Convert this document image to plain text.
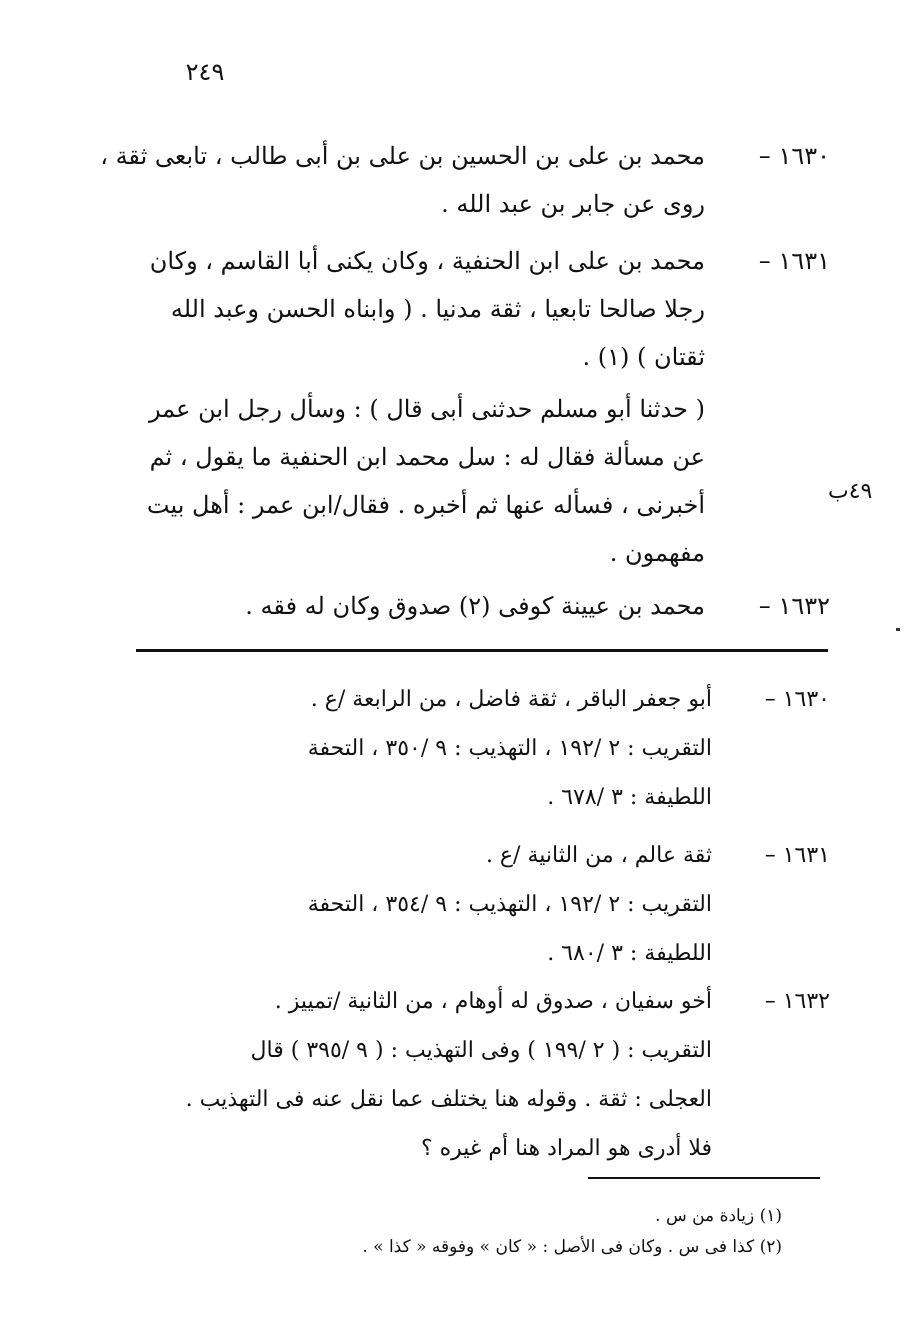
٢٤٩
١٦٣٠ –
محمد بن على بن الحسين بن على بن أبى طالب ، تابعى ثقة ،
روى عن جابر بن عبد الله .
١٦٣١ –
محمد بن على ابن الحنفية ، وكان يكنى أبا القاسم ، وكان
رجلا صالحا تابعيا ، ثقة مدنيا . ( وابناه الحسن وعبد الله
ثقتان ) (١) .
( حدثنا أبو مسلم حدثنى أبى قال ) : وسأل رجل ابن عمر
عن مسألة فقال له : سل محمد ابن الحنفية ما يقول ، ثم
أخبرنى ، فسأله عنها ثم أخبره . فقال/ابن عمر : أهل بيت
مفهمون .
٤٩ب
١٦٣٢ –
محمد بن عيينة كوفى (٢) صدوق وكان له فقه .
١٦٣٠ –
أبو جعفر الباقر ، ثقة فاضل ، من الرابعة /ع .
التقريب : ٢ /١٩٢ ، التهذيب : ٩ /٣٥٠ ، التحفة
اللطيفة : ٣ /٦٧٨ .
١٦٣١ –
ثقة عالم ، من الثانية /ع .
التقريب : ٢ /١٩٢ ، التهذيب : ٩ /٣٥٤ ، التحفة
اللطيفة : ٣ /٦٨٠ .
١٦٣٢ –
أخو سفيان ، صدوق له أوهام ، من الثانية /تمييز .
التقريب : ( ٢ /١٩٩ ) وفى التهذيب : ( ٩ /٣٩٥ ) قال
العجلى : ثقة . وقوله هنا يختلف عما نقل عنه فى التهذيب .
فلا أدرى هو المراد هنا أم غيره ؟
(١) زيادة من س .
(٢) كذا فى س . وكان فى الأصل : « كان » وفوقه « كذا » .
